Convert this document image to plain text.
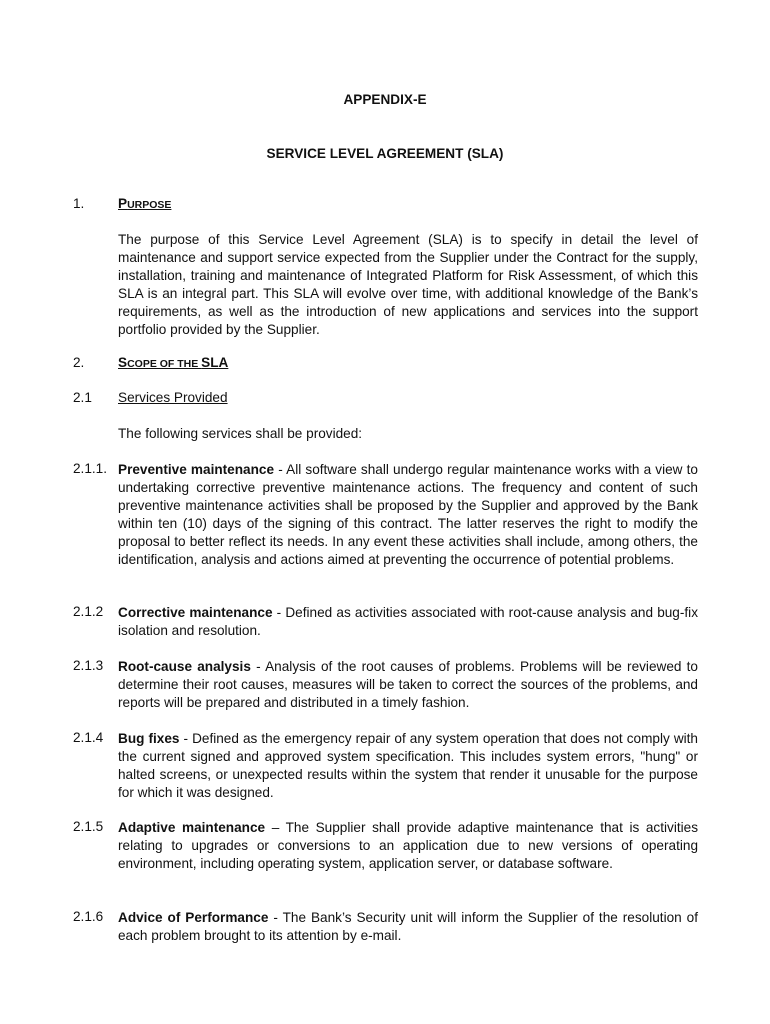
APPENDIX-E
SERVICE LEVEL AGREEMENT (SLA)
1. PURPOSE
The purpose of this Service Level Agreement (SLA) is to specify in detail the level of maintenance and support service expected from the Supplier under the Contract for the supply, installation, training and maintenance of Integrated Platform for Risk Assessment, of which this SLA is an integral part. This SLA will evolve over time, with additional knowledge of the Bank’s requirements, as well as the introduction of new applications and services into the support portfolio provided by the Supplier.
2. SCOPE OF THE SLA
2.1 Services Provided
The following services shall be provided:
2.1.1. Preventive maintenance - All software shall undergo regular maintenance works with a view to undertaking corrective preventive maintenance actions. The frequency and content of such preventive maintenance activities shall be proposed by the Supplier and approved by the Bank within ten (10) days of the signing of this contract. The latter reserves the right to modify the proposal to better reflect its needs. In any event these activities shall include, among others, the identification, analysis and actions aimed at preventing the occurrence of potential problems.
2.1.2 Corrective maintenance - Defined as activities associated with root-cause analysis and bug-fix isolation and resolution.
2.1.3 Root-cause analysis - Analysis of the root causes of problems. Problems will be reviewed to determine their root causes, measures will be taken to correct the sources of the problems, and reports will be prepared and distributed in a timely fashion.
2.1.4 Bug fixes - Defined as the emergency repair of any system operation that does not comply with the current signed and approved system specification. This includes system errors, "hung" or halted screens, or unexpected results within the system that render it unusable for the purpose for which it was designed.
2.1.5 Adaptive maintenance – The Supplier shall provide adaptive maintenance that is activities relating to upgrades or conversions to an application due to new versions of operating environment, including operating system, application server, or database software.
2.1.6 Advice of Performance - The Bank’s Security unit will inform the Supplier of the resolution of each problem brought to its attention by e-mail.
